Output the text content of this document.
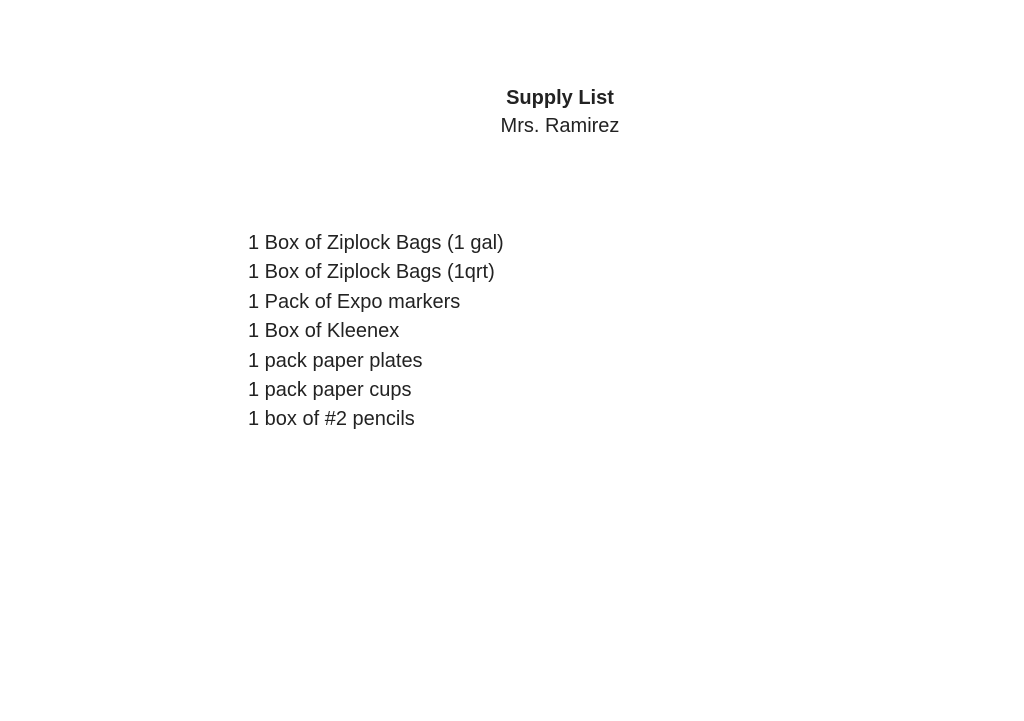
Supply List

Mrs. Ramirez

1 Box of Ziplock Bags (1 gal)
1 Box of Ziplock Bags (1qrt)
1 Pack of Expo markers
1 Box of Kleenex
1 pack paper plates
1 pack paper cups
1 box of #2 pencils
